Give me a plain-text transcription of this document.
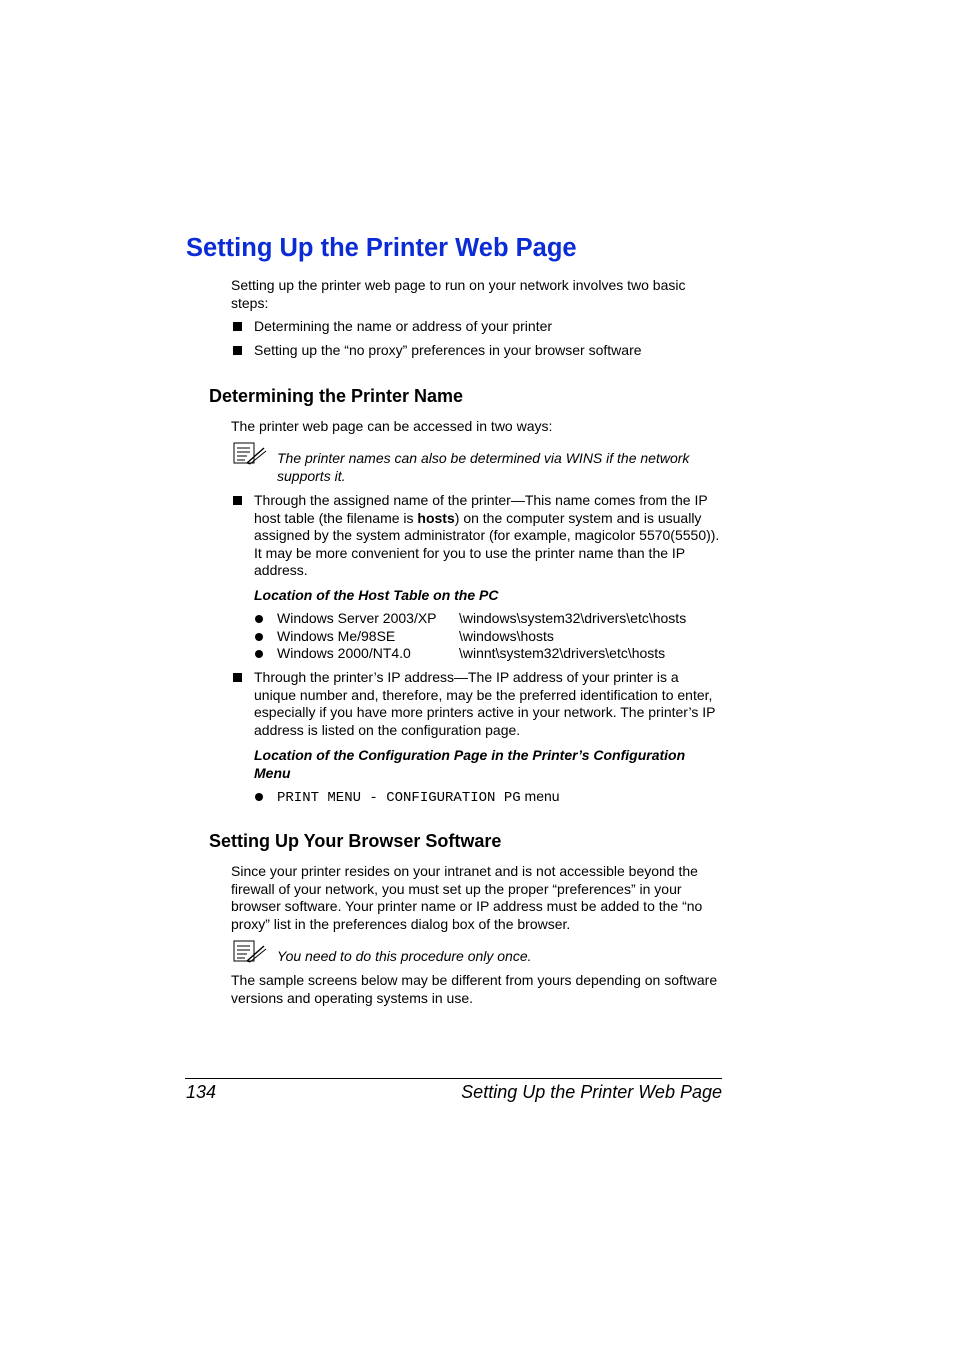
Setting Up the Printer Web Page
Setting up the printer web page to run on your network involves two basic steps:
Determining the name or address of your printer
Setting up the “no proxy” preferences in your browser software
Determining the Printer Name
The printer web page can be accessed in two ways:
The printer names can also be determined via WINS if the network supports it.
Through the assigned name of the printer—This name comes from the IP host table (the filename is hosts) on the computer system and is usually assigned by the system administrator (for example, magicolor 5570(5550)). It may be more convenient for you to use the printer name than the IP address.
Location of the Host Table on the PC
Windows Server 2003/XP \windows\system32\drivers\etc\hosts
Windows Me/98SE	\windows\hosts
Windows 2000/NT4.0	\winnt\system32\drivers\etc\hosts
Through the printer’s IP address—The IP address of your printer is a unique number and, therefore, may be the preferred identification to enter, especially if you have more printers active in your network. The printer’s IP address is listed on the configuration page.
Location of the Configuration Page in the Printer’s Configuration Menu
PRINT MENU - CONFIGURATION PG menu
Setting Up Your Browser Software
Since your printer resides on your intranet and is not accessible beyond the firewall of your network, you must set up the proper “preferences” in your browser software. Your printer name or IP address must be added to the “no proxy” list in the preferences dialog box of the browser.
You need to do this procedure only once.
The sample screens below may be different from yours depending on software versions and operating systems in use.
134	Setting Up the Printer Web Page
